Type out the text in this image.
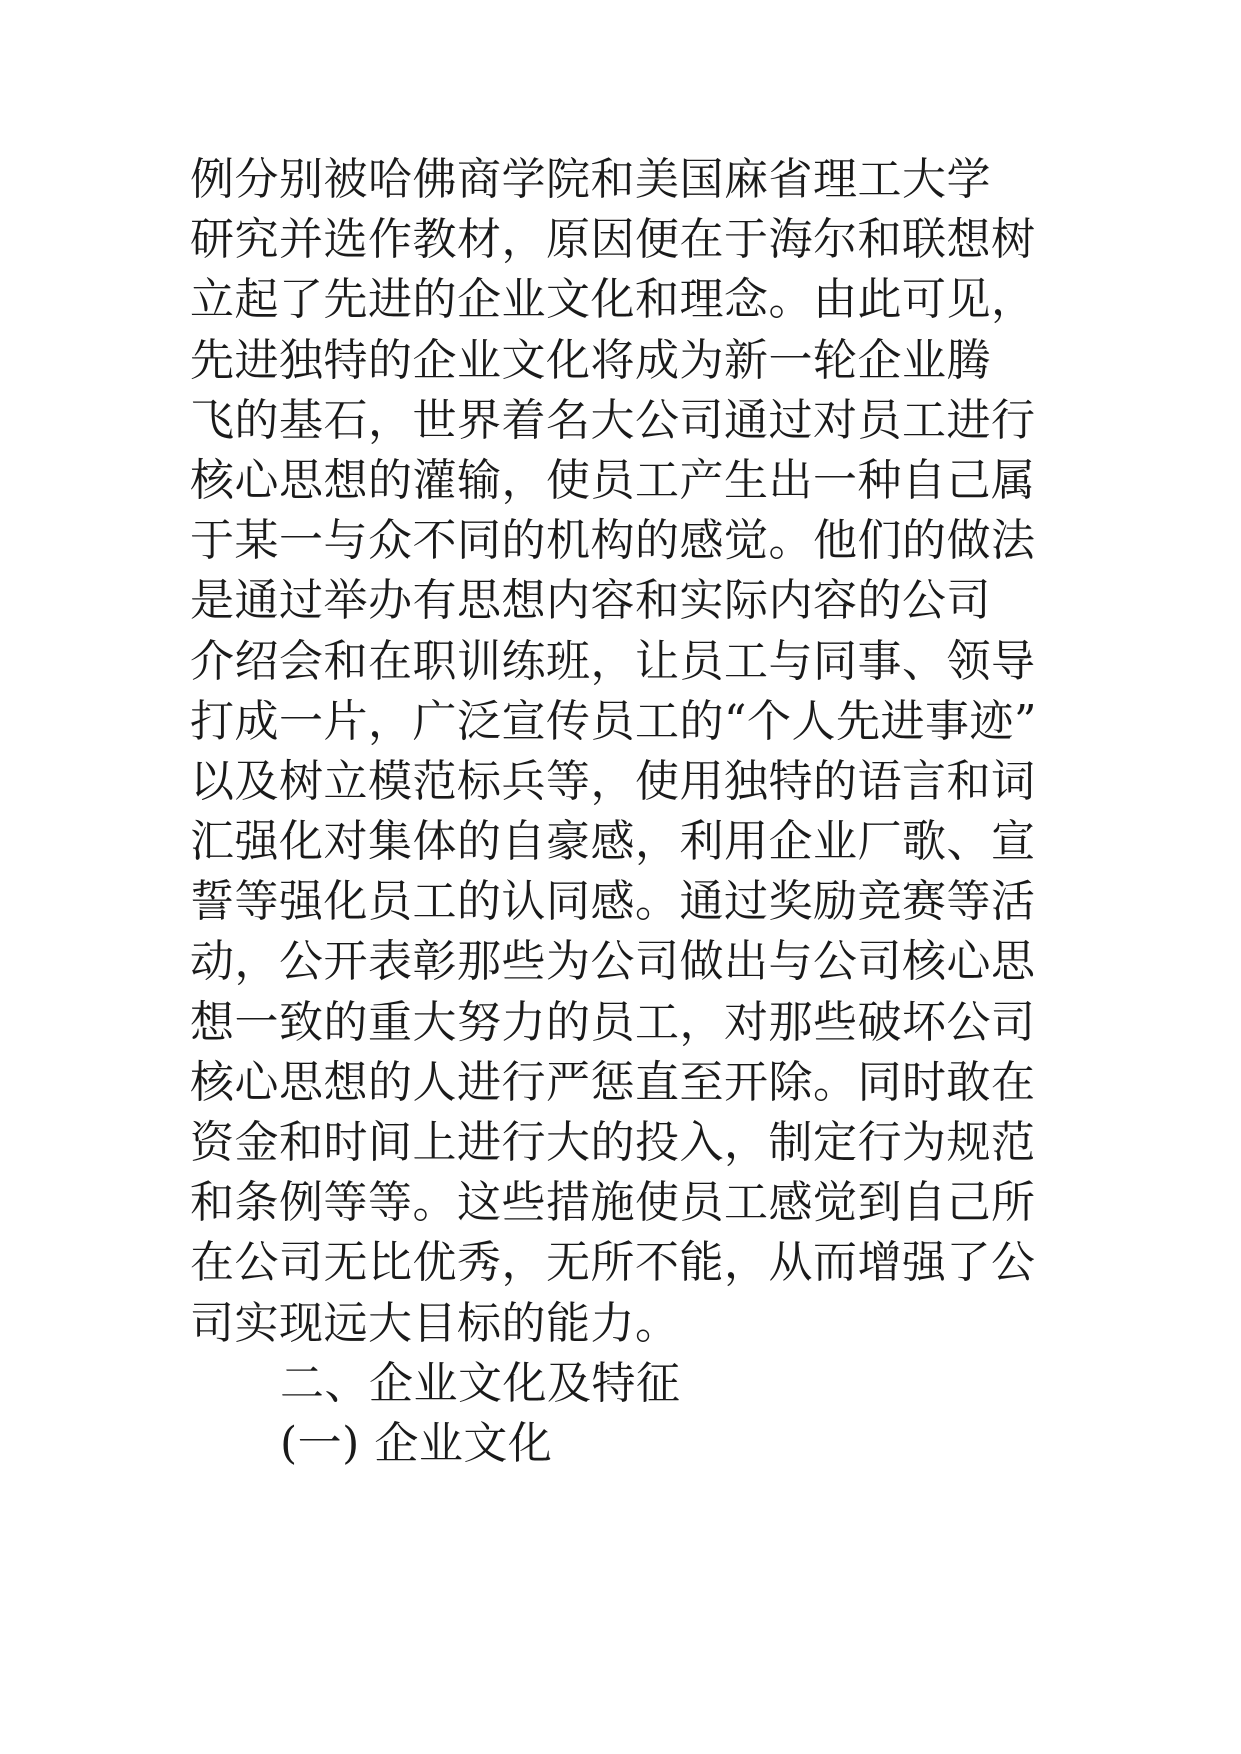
例分别被哈佛商学院和美国麻省理工大学
研究并选作教材，原因便在于海尔和联想树
立起了先进的企业文化和理念。由此可见，
先进独特的企业文化将成为新一轮企业腾
飞的基石，世界着名大公司通过对员工进行
核心思想的灌输，使员工产生出一种自己属
于某一与众不同的机构的感觉。他们的做法
是通过举办有思想内容和实际内容的公司
介绍会和在职训练班，让员工与同事、领导
打成一片，广泛宣传员工的“个人先进事迹”
以及树立模范标兵等，使用独特的语言和词
汇强化对集体的自豪感，利用企业厂歌、宣
誓等强化员工的认同感。通过奖励竞赛等活
动，公开表彰那些为公司做出与公司核心思
想一致的重大努力的员工，对那些破坏公司
核心思想的人进行严惩直至开除。同时敢在
资金和时间上进行大的投入，制定行为规范
和条例等等。这些措施使员工感觉到自己所
在公司无比优秀，无所不能，从而增强了公
司实现远大目标的能力。
二、企业文化及特征
(一) 企业文化
